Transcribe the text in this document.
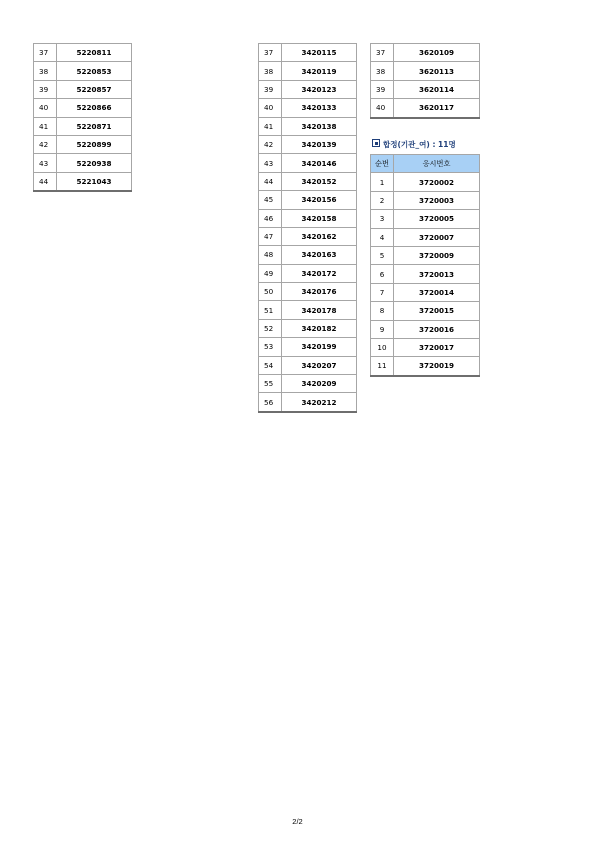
37	5220811
38	5220853
39	5220857
40	5220866
41	5220871
42	5220899
43	5220938
44	5221043
37	3420115
38	3420119
39	3420123
40	3420133
41	3420138
42	3420139
43	3420146
44	3420152
45	3420156
46	3420158
47	3420162
48	3420163
49	3420172
50	3420176
51	3420178
52	3420182
53	3420199
54	3420207
55	3420209
56	3420212
37	3620109
38	3620113
39	3620114
40	3620117
합정(기관_여) : 11명
순번	응시번호
1	3720002
2	3720003
3	3720005
4	3720007
5	3720009
6	3720013
7	3720014
8	3720015
9	3720016
10	3720017
11	3720019
2/2
